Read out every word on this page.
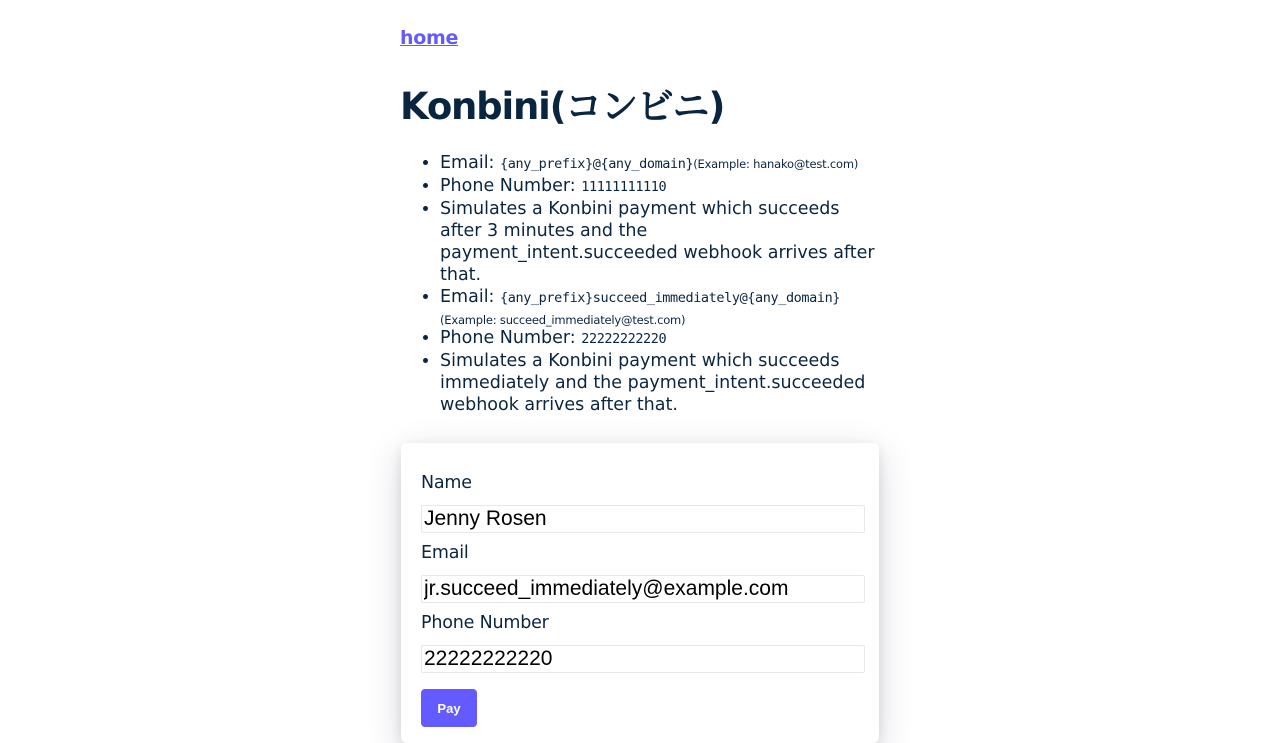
home
Konbini(コンビニ)
• Email: {any_prefix}@{any_domain}(Example: hanako@test.com)
• Phone Number: 11111111110
• Simulates a Konbini payment which succeeds after 3 minutes and the payment_intent.succeeded webhook arrives after that.
• Email: {any_prefix}succeed_immediately@{any_domain}
(Example: succeed_immediately@test.com)
• Phone Number: 22222222220
• Simulates a Konbini payment which succeeds immediately and the payment_intent.succeeded webhook arrives after that.
Name
Jenny Rosen
Email
jr.succeed_immediately@example.com
Phone Number
22222222220
Pay
